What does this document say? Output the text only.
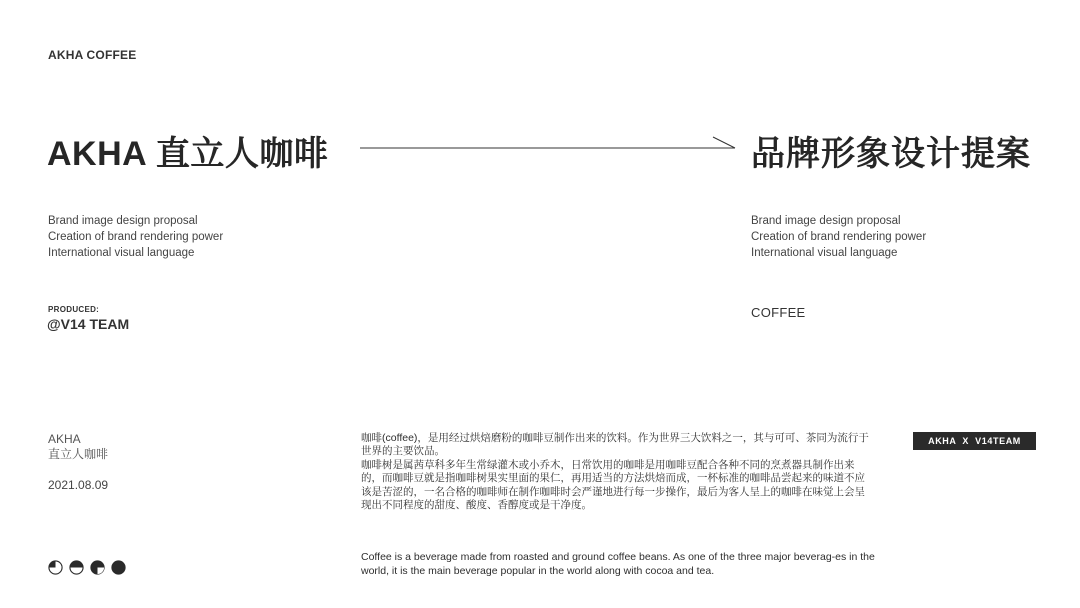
AKHA COFFEE
AKHA 直立人咖啡	品牌形象设计提案
Brand image design proposal
Creation of brand rendering power
International visual language
Brand image design proposal
Creation of brand rendering power
International visual language
PRODUCED:
@V14 TEAM
COFFEE
AKHA
直立人咖啡
2021.08.09

咖啡(coffee)，是用经过烘焙磨粉的咖啡豆制作出来的饮料。作为世界三大饮料之一，其与可可、茶同为流行于世界的主要饮品。

咖啡树是属茜草科多年生常绿灌木或小乔木，日常饮用的咖啡是用咖啡豆配合各种不同的烹煮器具制作出来的，而咖啡豆就是指咖啡树果实里面的果仁，再用适当的方法烘焙而成，一杯标准的咖啡品尝起来的味道不应该是苦涩的，一名合格的咖啡师在制作咖啡时会严谨地进行每一步操作，最后为客人呈上的咖啡在味觉上会呈现出不同程度的甜度、酸度、香醇度或是干净度。

Coffee is a beverage made from roasted and ground coffee beans. As one of the three major beverag-es in the world, it is the main beverage popular in the world along with cocoa and tea.
AKHA  X  V14TEAM
